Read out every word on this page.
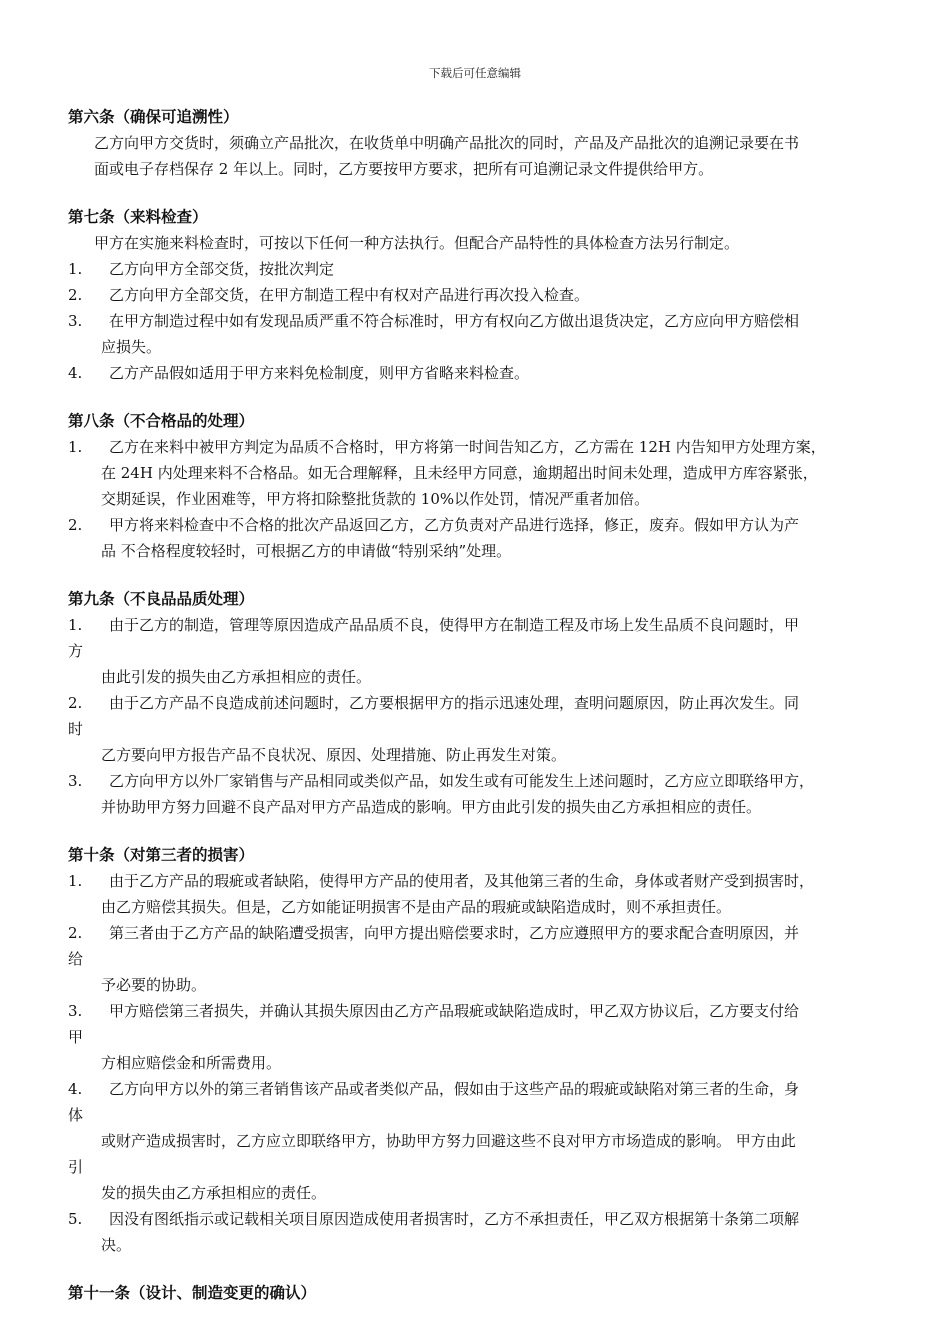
下载后可任意编辑
第六条（确保可追溯性）
乙方向甲方交货时，须确立产品批次，在收货单中明确产品批次的同时，产品及产品批次的追溯记录要在书
面或电子存档保存 2 年以上。同时，乙方要按甲方要求，把所有可追溯记录文件提供给甲方。
第七条（来料检查）
甲方在实施来料检查时，可按以下任何一种方法执行。但配合产品特性的具体检查方法另行制定。
1.	乙方向甲方全部交货，按批次判定
2.	乙方向甲方全部交货，在甲方制造工程中有权对产品进行再次投入检查。
3.	在甲方制造过程中如有发现品质严重不符合标准时，甲方有权向乙方做出退货决定，乙方应向甲方赔偿相
应损失。
4.	乙方产品假如适用于甲方来料免检制度，则甲方省略来料检查。
第八条（不合格品的处理）
1.	乙方在来料中被甲方判定为品质不合格时，甲方将第一时间告知乙方，乙方需在 12H 内告知甲方处理方案，
在 24H 内处理来料不合格品。如无合理解释，且未经甲方同意，逾期超出时间未处理，造成甲方库容紧张，
交期延误，作业困难等，甲方将扣除整批货款的 10%以作处罚，情况严重者加倍。
2.	甲方将来料检查中不合格的批次产品返回乙方，乙方负责对产品进行选择，修正，废弃。假如甲方认为产
品 不合格程度较轻时，可根据乙方的申请做“特别采纳”处理。
第九条（不良品品质处理）
1.	由于乙方的制造，管理等原因造成产品品质不良，使得甲方在制造工程及市场上发生品质不良问题时，甲
方
由此引发的损失由乙方承担相应的责任。
2.	由于乙方产品不良造成前述问题时，乙方要根据甲方的指示迅速处理，查明问题原因，防止再次发生。同
时
乙方要向甲方报告产品不良状况、原因、处理措施、防止再发生对策。
3.	乙方向甲方以外厂家销售与产品相同或类似产品，如发生或有可能发生上述问题时，乙方应立即联络甲方，
并协助甲方努力回避不良产品对甲方产品造成的影响。甲方由此引发的损失由乙方承担相应的责任。
第十条（对第三者的损害）
1.	由于乙方产品的瑕疵或者缺陷，使得甲方产品的使用者，及其他第三者的生命，身体或者财产受到损害时，
由乙方赔偿其损失。但是，乙方如能证明损害不是由产品的瑕疵或缺陷造成时，则不承担责任。
2.	第三者由于乙方产品的缺陷遭受损害，向甲方提出赔偿要求时，乙方应遵照甲方的要求配合查明原因，并
给
予必要的协助。
3.	甲方赔偿第三者损失，并确认其损失原因由乙方产品瑕疵或缺陷造成时，甲乙双方协议后，乙方要支付给
甲
方相应赔偿金和所需费用。
4.	乙方向甲方以外的第三者销售该产品或者类似产品，假如由于这些产品的瑕疵或缺陷对第三者的生命，身
体
或财产造成损害时，乙方应立即联络甲方，协助甲方努力回避这些不良对甲方市场造成的影响。 甲方由此
引
发的损失由乙方承担相应的责任。
5.	因没有图纸指示或记载相关项目原因造成使用者损害时，乙方不承担责任，甲乙双方根据第十条第二项解
决。
第十一条（设计、制造变更的确认）
